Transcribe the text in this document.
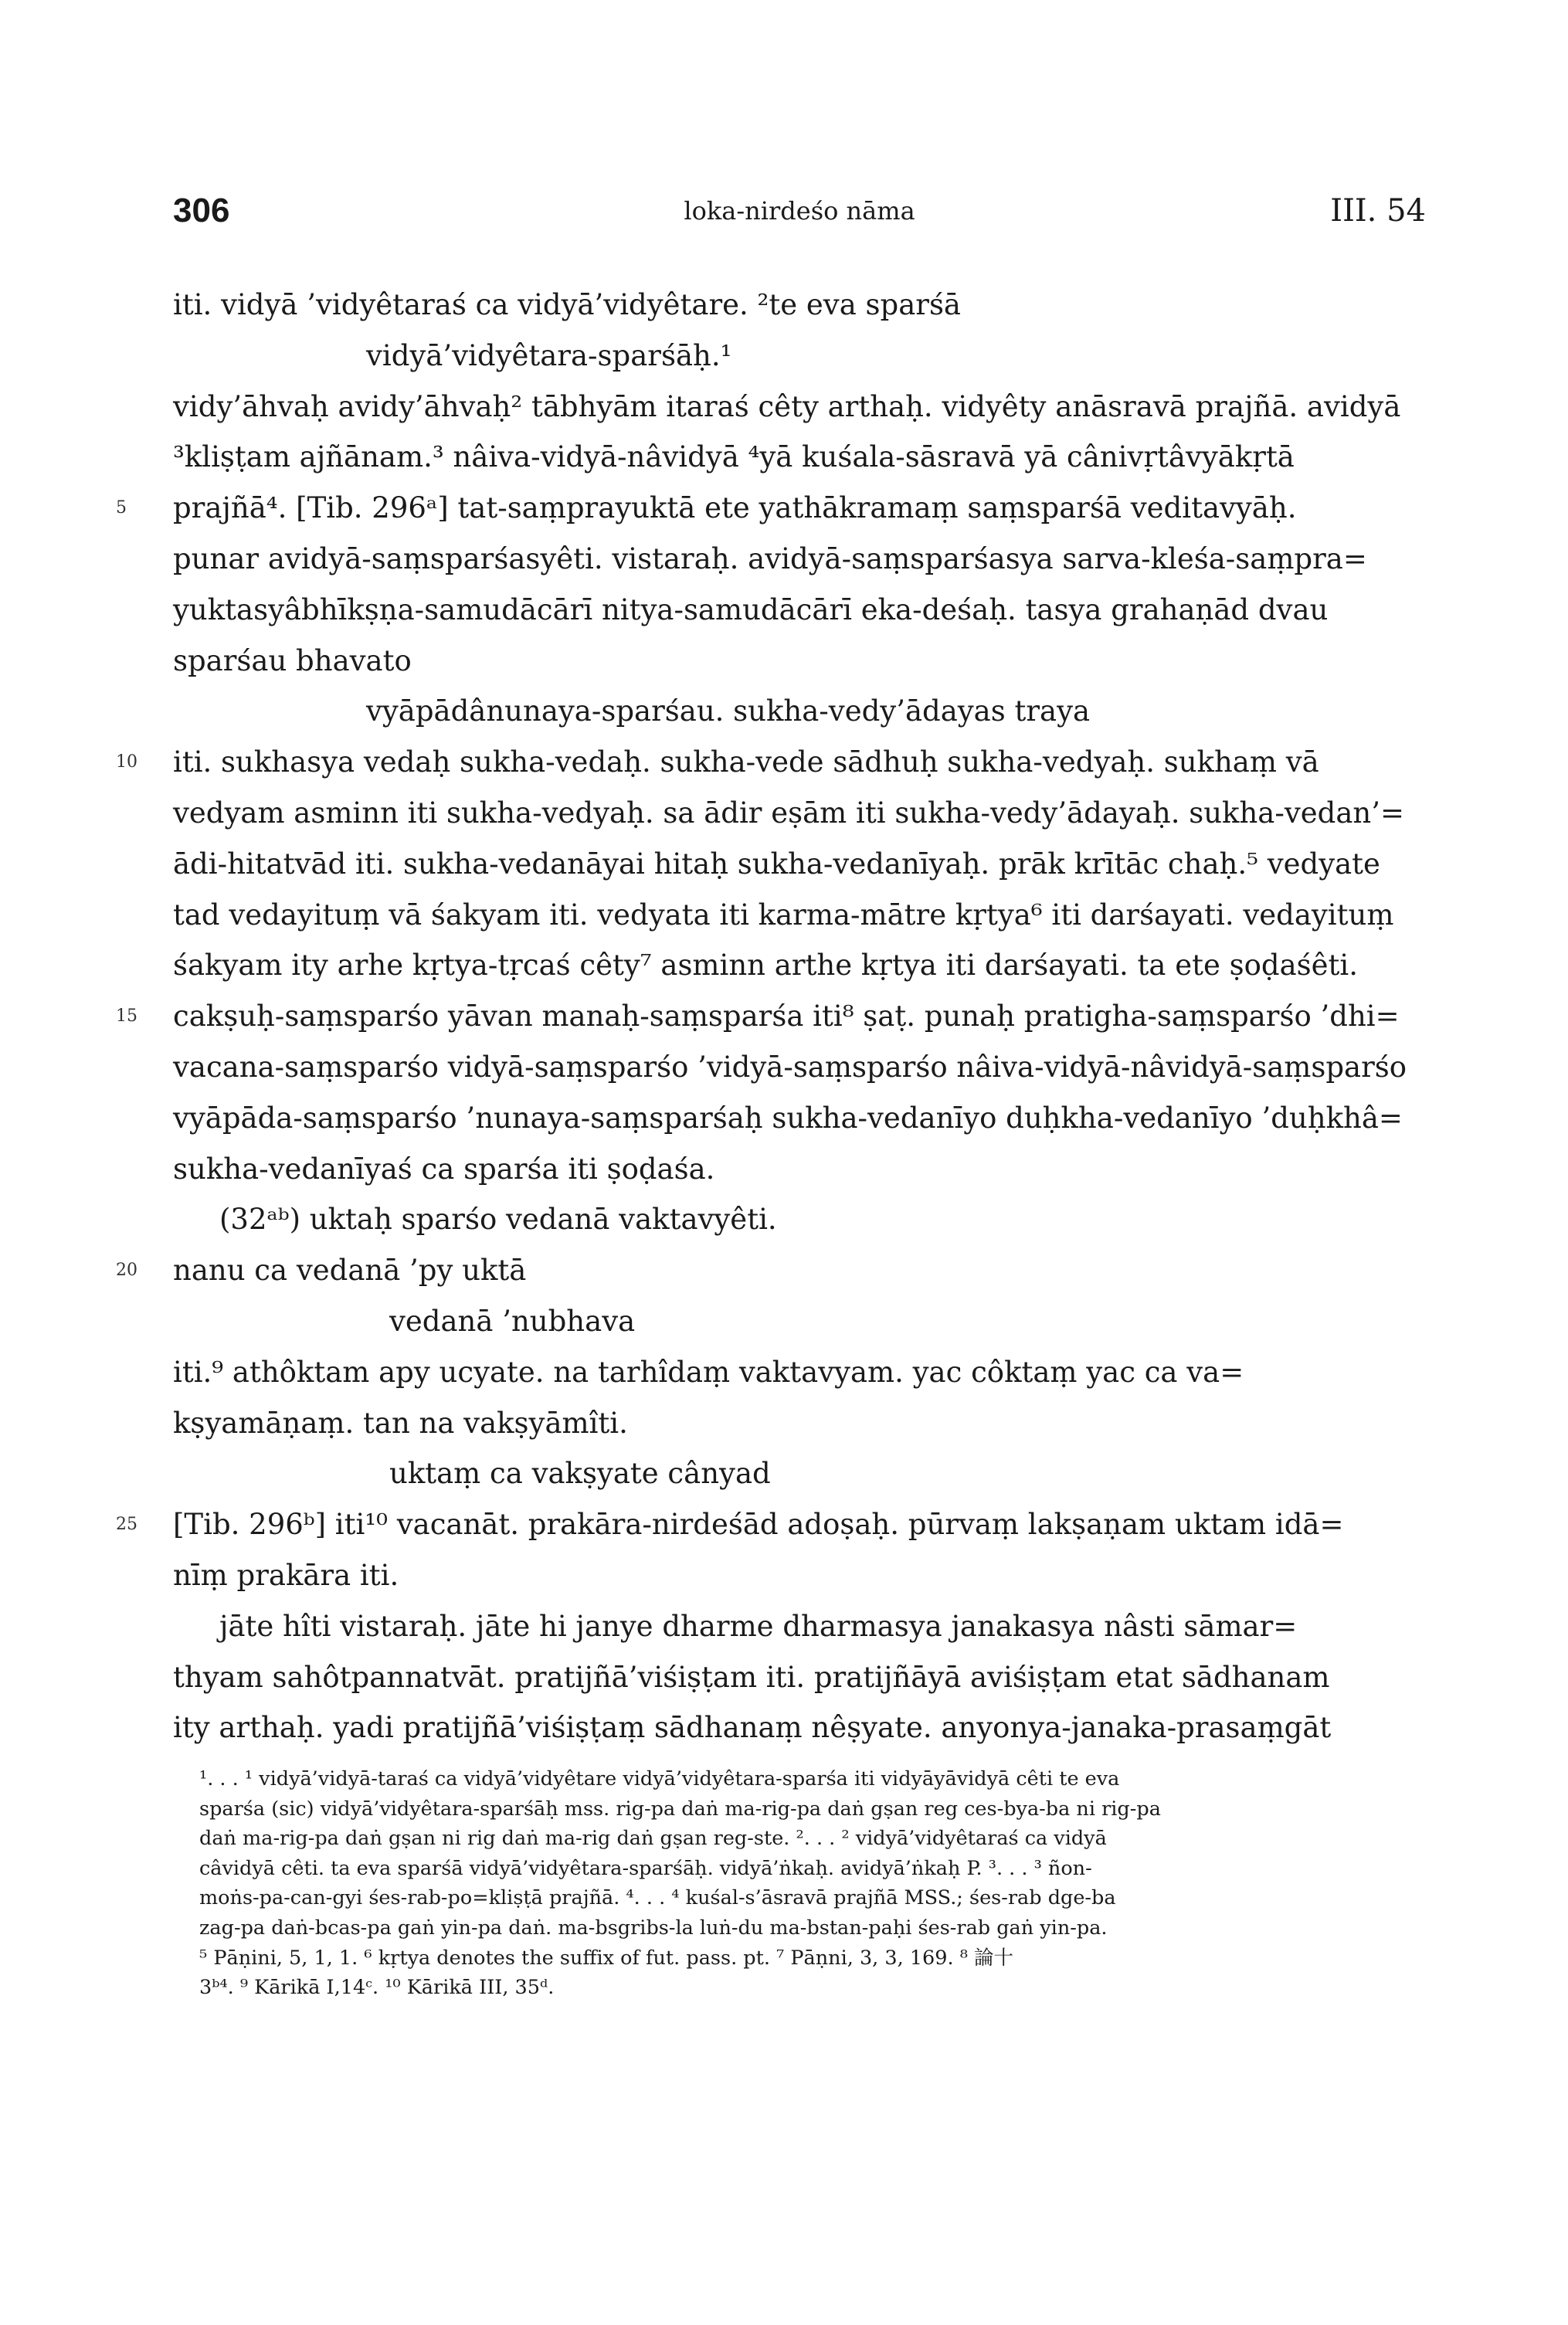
306	loka-nirdeśo nāma	III. 54
iti. vidyā ’vidyêtaraś ca vidyā’vidyêtare. ²te eva sparśā
vidyā’vidyêtara-sparśāḥ.¹
vidy’āhvaḥ avidy’āhvaḥ² tābhyām itaraś cêty arthaḥ. vidyêty anāsravā prajñā. avidyā
³kliṣṭam ajñānam.³ nâiva-vidyā-nâvidyā ⁴yā kuśala-sāsravā yā cânivṛtâvyākṛtā
5	prajñā⁴. [Tib. 296ᵃ] tat-saṃprayuktā ete yathākramaṃ saṃsparśā veditavyāḥ.
punar avidyā-saṃsparśasyêti. vistaraḥ. avidyā-saṃsparśasya sarva-kleśa-saṃpra=
yuktasyâbhīkṣṇa-samudācārī nitya-samudācārī eka-deśaḥ. tasya grahaṇād dvau
sparśau bhavato
vyāpādânunaya-sparśau. sukha-vedy’ādayas traya
10	iti. sukhasya vedaḥ sukha-vedaḥ. sukha-vede sādhuḥ sukha-vedyaḥ. sukhaṃ vā
vedyam asminn iti sukha-vedyaḥ. sa ādir eṣām iti sukha-vedy’ādayaḥ. sukha-vedan’=
ādi-hitatvād iti. sukha-vedanāyai hitaḥ sukha-vedanīyaḥ. prāk krītāc chaḥ.⁵ vedyate
tad vedayituṃ vā śakyam iti. vedyata iti karma-mātre kṛtya⁶ iti darśayati. vedayituṃ
śakyam ity arhe kṛtya-tṛcaś cêty⁷ asminn arthe kṛtya iti darśayati. ta ete ṣoḍaśêti.
15	cakṣuḥ-saṃsparśo yāvan manaḥ-saṃsparśa iti⁸ ṣaṭ. punaḥ pratigha-saṃsparśo ’dhi=
vacana-saṃsparśo vidyā-saṃsparśo ’vidyā-saṃsparśo nâiva-vidyā-nâvidyā-saṃsparśo
vyāpāda-saṃsparśo ’nunaya-saṃsparśaḥ sukha-vedanīyo duḥkha-vedanīyo ’duḥkhâ=
sukha-vedanīyaś ca sparśa iti ṣoḍaśa.
(32ᵃᵇ) uktaḥ sparśo vedanā vaktavyêti.
20	nanu ca vedanā ’py uktā
vedanā ’nubhava
iti.⁹ athôktam apy ucyate. na tarhîdaṃ vaktavyam. yac côktaṃ yac ca va=
kṣyamāṇaṃ. tan na vakṣyāmîti.
uktaṃ ca vakṣyate cânyad
25	[Tib. 296ᵇ] iti¹⁰ vacanāt. prakāra-nirdeśād adoṣaḥ. pūrvaṃ lakṣaṇam uktam idā=
nīṃ prakāra iti.
jāte hîti vistaraḥ. jāte hi janye dharme dharmasya janakasya nâsti sāmar=
thyam sahôtpannatvāt. pratijñā’viśiṣṭam iti. pratijñāyā aviśiṣṭam etat sādhanam
ity arthaḥ. yadi pratijñā’viśiṣṭaṃ sādhanaṃ nêṣyate. anyonya-janaka-prasaṃgāt
¹. . . ¹ vidyā’vidyā-taraś ca vidyā’vidyêtare vidyā’vidyêtara-sparśa iti vidyāyāvidyā cêti te eva
sparśa (sic) vidyā’vidyêtara-sparśāḥ mss. rig-pa daṅ ma-rig-pa daṅ gṣan reg ces-bya-ba ni rig-pa
daṅ ma-rig-pa daṅ gṣan ni rig daṅ ma-rig daṅ gṣan reg-ste. ². . . ² vidyā’vidyêtaraś ca vidyā
câvidyā cêti. ta eva sparśā vidyā’vidyêtara-sparśāḥ. vidyā’ṅkaḥ. avidyā’ṅkaḥ P. ³. . . ³ ñon-
moṅs-pa-can-gyi śes-rab-po=kliṣṭā prajñā. ⁴. . . ⁴ kuśal-s’āsravā prajñā MSS.; śes-rab dge-ba
zag-pa daṅ-bcas-pa gaṅ yin-pa daṅ. ma-bsgribs-la luṅ-du ma-bstan-paḥi śes-rab gaṅ yin-pa.
⁵ Pāṇini, 5, 1, 1. ⁶ kṛtya denotes the suffix of fut. pass. pt. ⁷ Pāṇni, 3, 3, 169. ⁸ 論十
3ᵇ⁴. ⁹ Kārikā I,14ᶜ. ¹⁰ Kārikā III, 35ᵈ.
